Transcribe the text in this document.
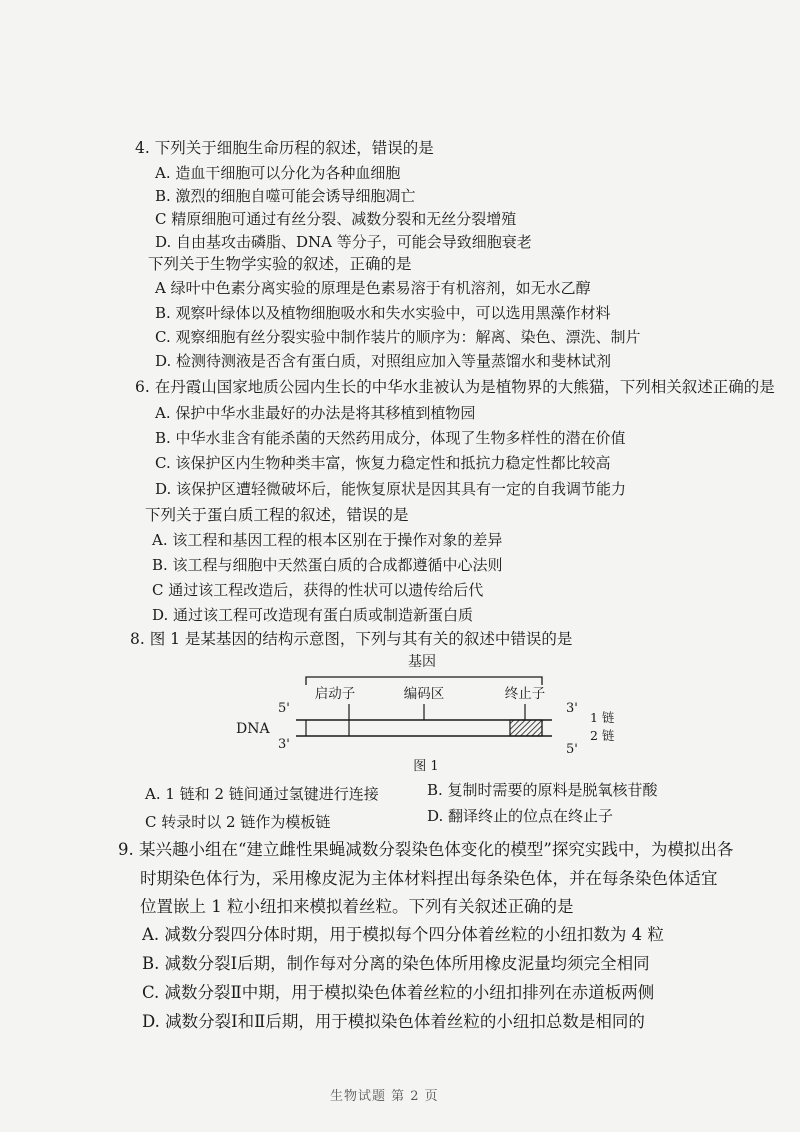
4. 下列关于细胞生命历程的叙述，错误的是
A. 造血干细胞可以分化为各种血细胞
B. 激烈的细胞自噬可能会诱导细胞凋亡
C 精原细胞可通过有丝分裂、减数分裂和无丝分裂增殖
D. 自由基攻击磷脂、DNA 等分子，可能会导致细胞衰老
下列关于生物学实验的叙述，正确的是
A 绿叶中色素分离实验的原理是色素易溶于有机溶剂，如无水乙醇
B. 观察叶绿体以及植物细胞吸水和失水实验中，可以选用黑藻作材料
C. 观察细胞有丝分裂实验中制作装片的顺序为：解离、染色、漂洗、制片
D. 检测待测液是否含有蛋白质，对照组应加入等量蒸馏水和斐林试剂
6. 在丹霞山国家地质公园内生长的中华水韭被认为是植物界的大熊猫，下列相关叙述正确的是
A. 保护中华水韭最好的办法是将其移植到植物园
B. 中华水韭含有能杀菌的天然药用成分，体现了生物多样性的潜在价值
C. 该保护区内生物种类丰富，恢复力稳定性和抵抗力稳定性都比较高
D. 该保护区遭轻微破坏后，能恢复原状是因其具有一定的自我调节能力
下列关于蛋白质工程的叙述，错误的是
A. 该工程和基因工程的根本区别在于操作对象的差异
B. 该工程与细胞中天然蛋白质的合成都遵循中心法则
C 通过该工程改造后，获得的性状可以遗传给后代
D. 通过该工程可改造现有蛋白质或制造新蛋白质
8. 图 1 是某基因的结构示意图，下列与其有关的叙述中错误的是
基因
启动子	编码区	终止子
5'	3'
3'	5'
DNA
1 链
2 链
图 1
A. 1 链和 2 链间通过氢键进行连接	B. 复制时需要的原料是脱氧核苷酸
C 转录时以 2 链作为模板链	D. 翻译终止的位点在终止子
9. 某兴趣小组在“建立雌性果蝇减数分裂染色体变化的模型”探究实践中，为模拟出各
时期染色体行为，采用橡皮泥为主体材料捏出每条染色体，并在每条染色体适宜
位置嵌上 1 粒小纽扣来模拟着丝粒。下列有关叙述正确的是
A. 减数分裂四分体时期，用于模拟每个四分体着丝粒的小纽扣数为 4 粒
B. 减数分裂Ⅰ后期，制作每对分离的染色体所用橡皮泥量均须完全相同
C. 减数分裂Ⅱ中期，用于模拟染色体着丝粒的小纽扣排列在赤道板两侧
D. 减数分裂Ⅰ和Ⅱ后期，用于模拟染色体着丝粒的小纽扣总数是相同的
生物试题 第 2 页
